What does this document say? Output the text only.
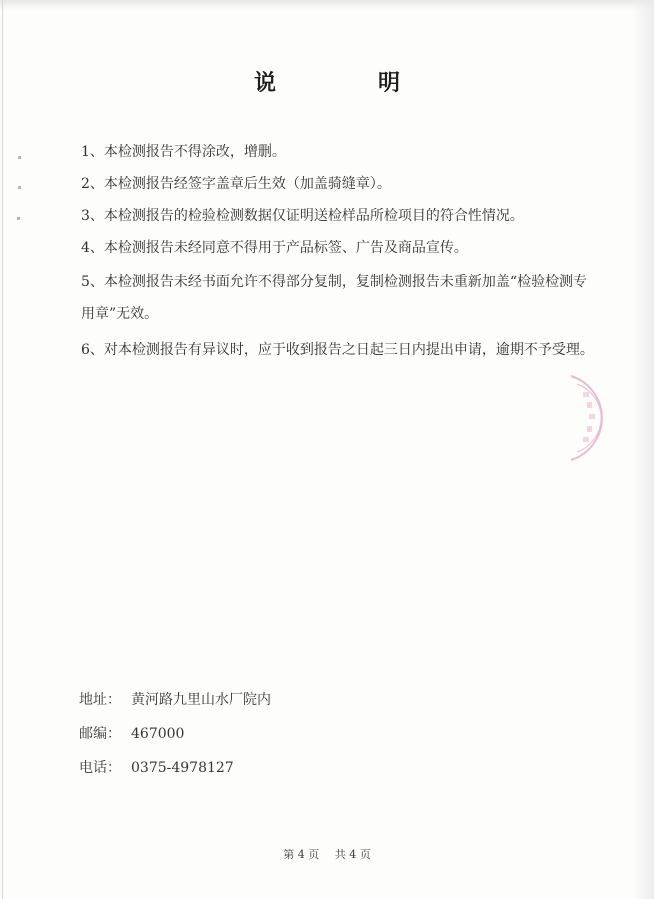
说　明
1、本检测报告不得涂改，增删。
2、本检测报告经签字盖章后生效（加盖骑缝章）。
3、本检测报告的检验检测数据仅证明送检样品所检项目的符合性情况。
4、本检测报告未经同意不得用于产品标签、广告及商品宣传。
5、本检测报告未经书面允许不得部分复制，复制检测报告未重新加盖“检验检测专用章”无效。
6、对本检测报告有异议时，应于收到报告之日起三日内提出申请，逾期不予受理。
地址： 黄河路九里山水厂院内
邮编： 467000
电话： 0375-4978127
第 4 页 共 4 页
